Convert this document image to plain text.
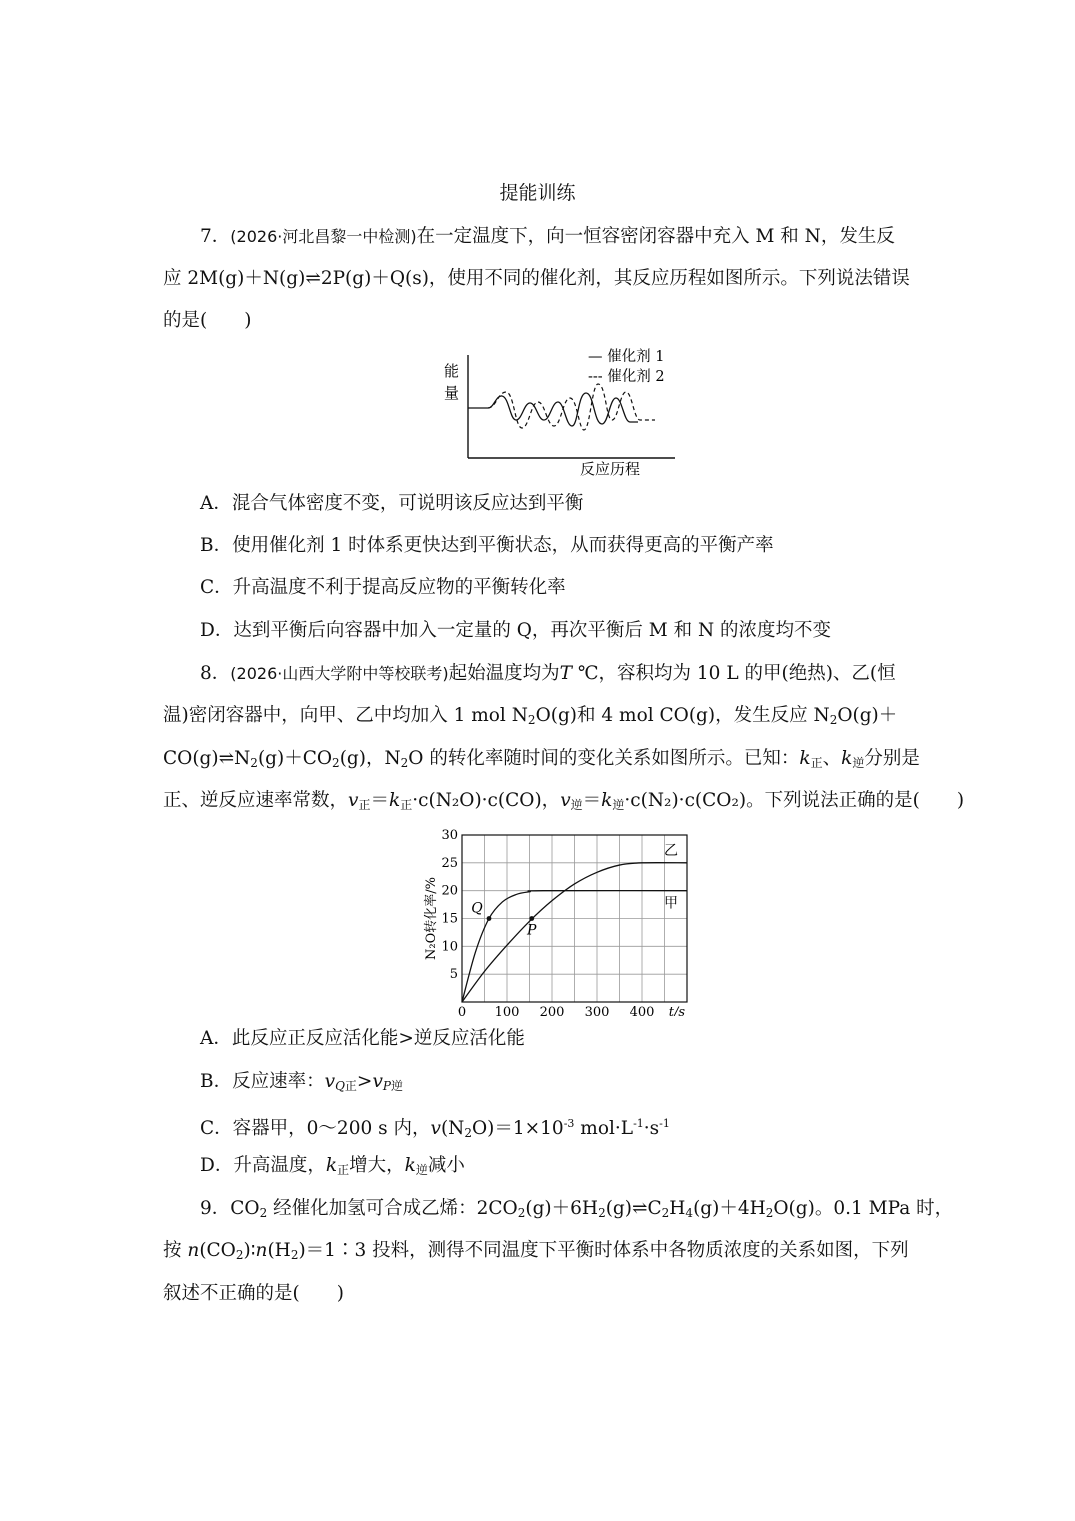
提能训练
7．(2026·河北昌黎一中检测)在一定温度下，向一恒容密闭容器中充入 M 和 N，发生反
应 2M(g)＋N(g)⇌2P(g)＋Q(s)，使用不同的催化剂，其反应历程如图所示。下列说法错误
的是(　　)
能
量
反应历程
— 催化剂 1
--- 催化剂 2
A．混合气体密度不变，可说明该反应达到平衡
B．使用催化剂 1 时体系更快达到平衡状态，从而获得更高的平衡产率
C．升高温度不利于提高反应物的平衡转化率
D．达到平衡后向容器中加入一定量的 Q，再次平衡后 M 和 N 的浓度均不变
8．(2026·山西大学附中等校联考)起始温度均为T ℃，容积均为 10 L 的甲(绝热)、乙(恒
温)密闭容器中，向甲、乙中均加入 1 mol $N_2O(g)$和 4 mol CO(g)，发生反应 $N_2O(g)+$
$CO(g)\rightleftharpoons N_2(g)+CO_2(g)$，$N_2O$ 的转化率随时间的变化关系如图所示。已知：$k_正$、$k_逆$分别是
正、逆反应速率常数，$v_正=k_正\cdot c(N_2O)\cdot c(CO)$，$v_逆=k_逆\cdot c(N_2)\cdot c(CO_2)$。下列说法正确的是(　　)
0 100 200 300 400
5
10
15
20
25
30
t/s
N₂O转化率/%
乙
甲
Q
P
A．此反应正反应活化能>逆反应活化能
B．反应速率：$v_{Q正}>v_{P逆}$
C．容器甲，0～200 s 内，$v(N_2O)=1\times 10^{-3}$ $mol\cdot L^{-1}\cdot s^{-1}$
D．升高温度，$k_正$增大，$k_逆$减小
9．$CO_2$ 经催化加氢可合成乙烯：$2CO_2(g)+6H_2(g)\rightleftharpoons C_2H_4(g)+4H_2O(g)$。0.1 MPa 时，
按 $n(CO_2)∶n(H_2)=1∶3$ 投料，测得不同温度下平衡时体系中各物质浓度的关系如图，下列
叙述不正确的是(　　)
